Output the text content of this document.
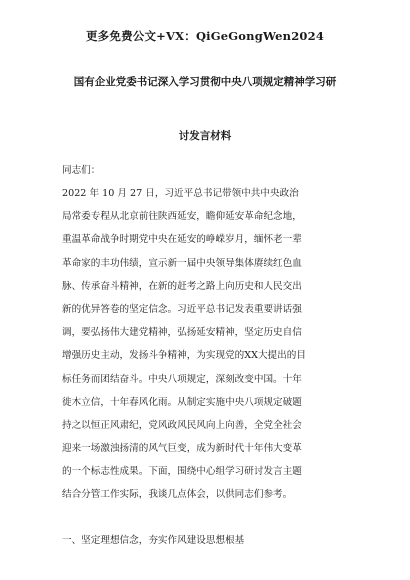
更多免费公文+VX：QiGeGongWen2024
国有企业党委书记深入学习贯彻中央八项规定精神学习研
讨发言材料
同志们：
2022 年 10 月 27 日，习近平总书记带领中共中央政治
局常委专程从北京前往陕西延安，瞻仰延安革命纪念地，
重温革命战争时期党中央在延安的峥嵘岁月，缅怀老一辈
革命家的丰功伟绩，宣示新一届中央领导集体赓续红色血
脉、传承奋斗精神，在新的赶考之路上向历史和人民交出
新的优异答卷的坚定信念。习近平总书记发表重要讲话强
调，要弘扬伟大建党精神，弘扬延安精神，坚定历史自信
增强历史主动，发扬斗争精神，为实现党的XX大提出的目
标任务而团结奋斗。中央八项规定，深刻改变中国。十年
徙木立信，十年春风化雨。从制定实施中央八项规定破题
持之以恒正风肃纪，党风政风民风向上向善，全党全社会
迎来一场激浊扬清的风气巨变，成为新时代十年伟大变革
的一个标志性成果。下面，围绕中心组学习研讨发言主题
结合分管工作实际，我谈几点体会，以供同志们参考。
一、坚定理想信念，夯实作风建设思想根基
